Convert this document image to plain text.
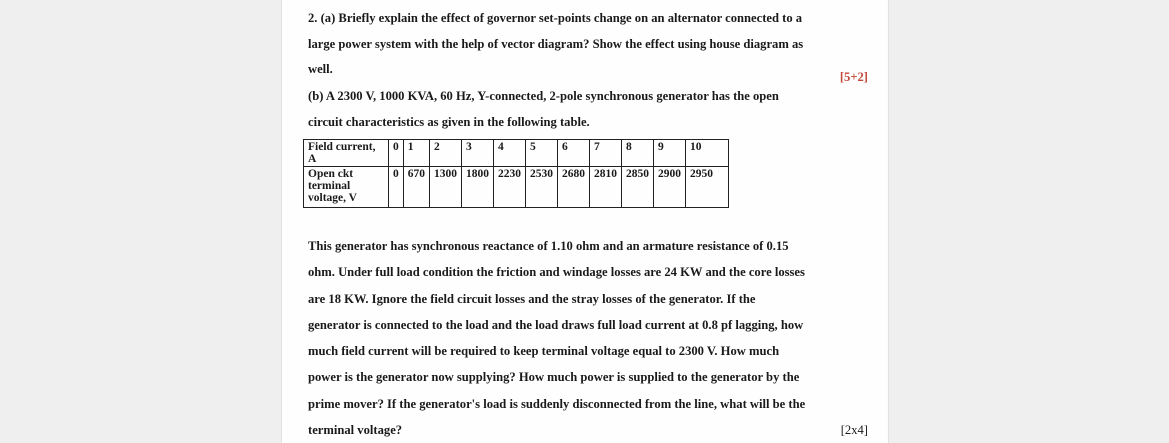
2. (a) Briefly explain the effect of governor set-points change on an alternator connected to a
large power system with the help of vector diagram? Show the effect using house diagram as
well.
[5+2]
(b) A 2300 V, 1000 KVA, 60 Hz, Y-connected, 2-pole synchronous generator has the open
circuit characteristics as given in the following table.
Field current, A	0	1	2	3	4	5	6	7	8	9	10
Open ckt terminal voltage, V	0	670	1300	1800	2230	2530	2680	2810	2850	2900	2950
This generator has synchronous reactance of 1.10 ohm and an armature resistance of 0.15
ohm. Under full load condition the friction and windage losses are 24 KW and the core losses
are 18 KW. Ignore the field circuit losses and the stray losses of the generator. If the
generator is connected to the load and the load draws full load current at 0.8 pf lagging, how
much field current will be required to keep terminal voltage equal to 2300 V. How much
power is the generator now supplying? How much power is supplied to the generator by the
prime mover? If the generator's load is suddenly disconnected from the line, what will be the
terminal voltage?	[2x4]
